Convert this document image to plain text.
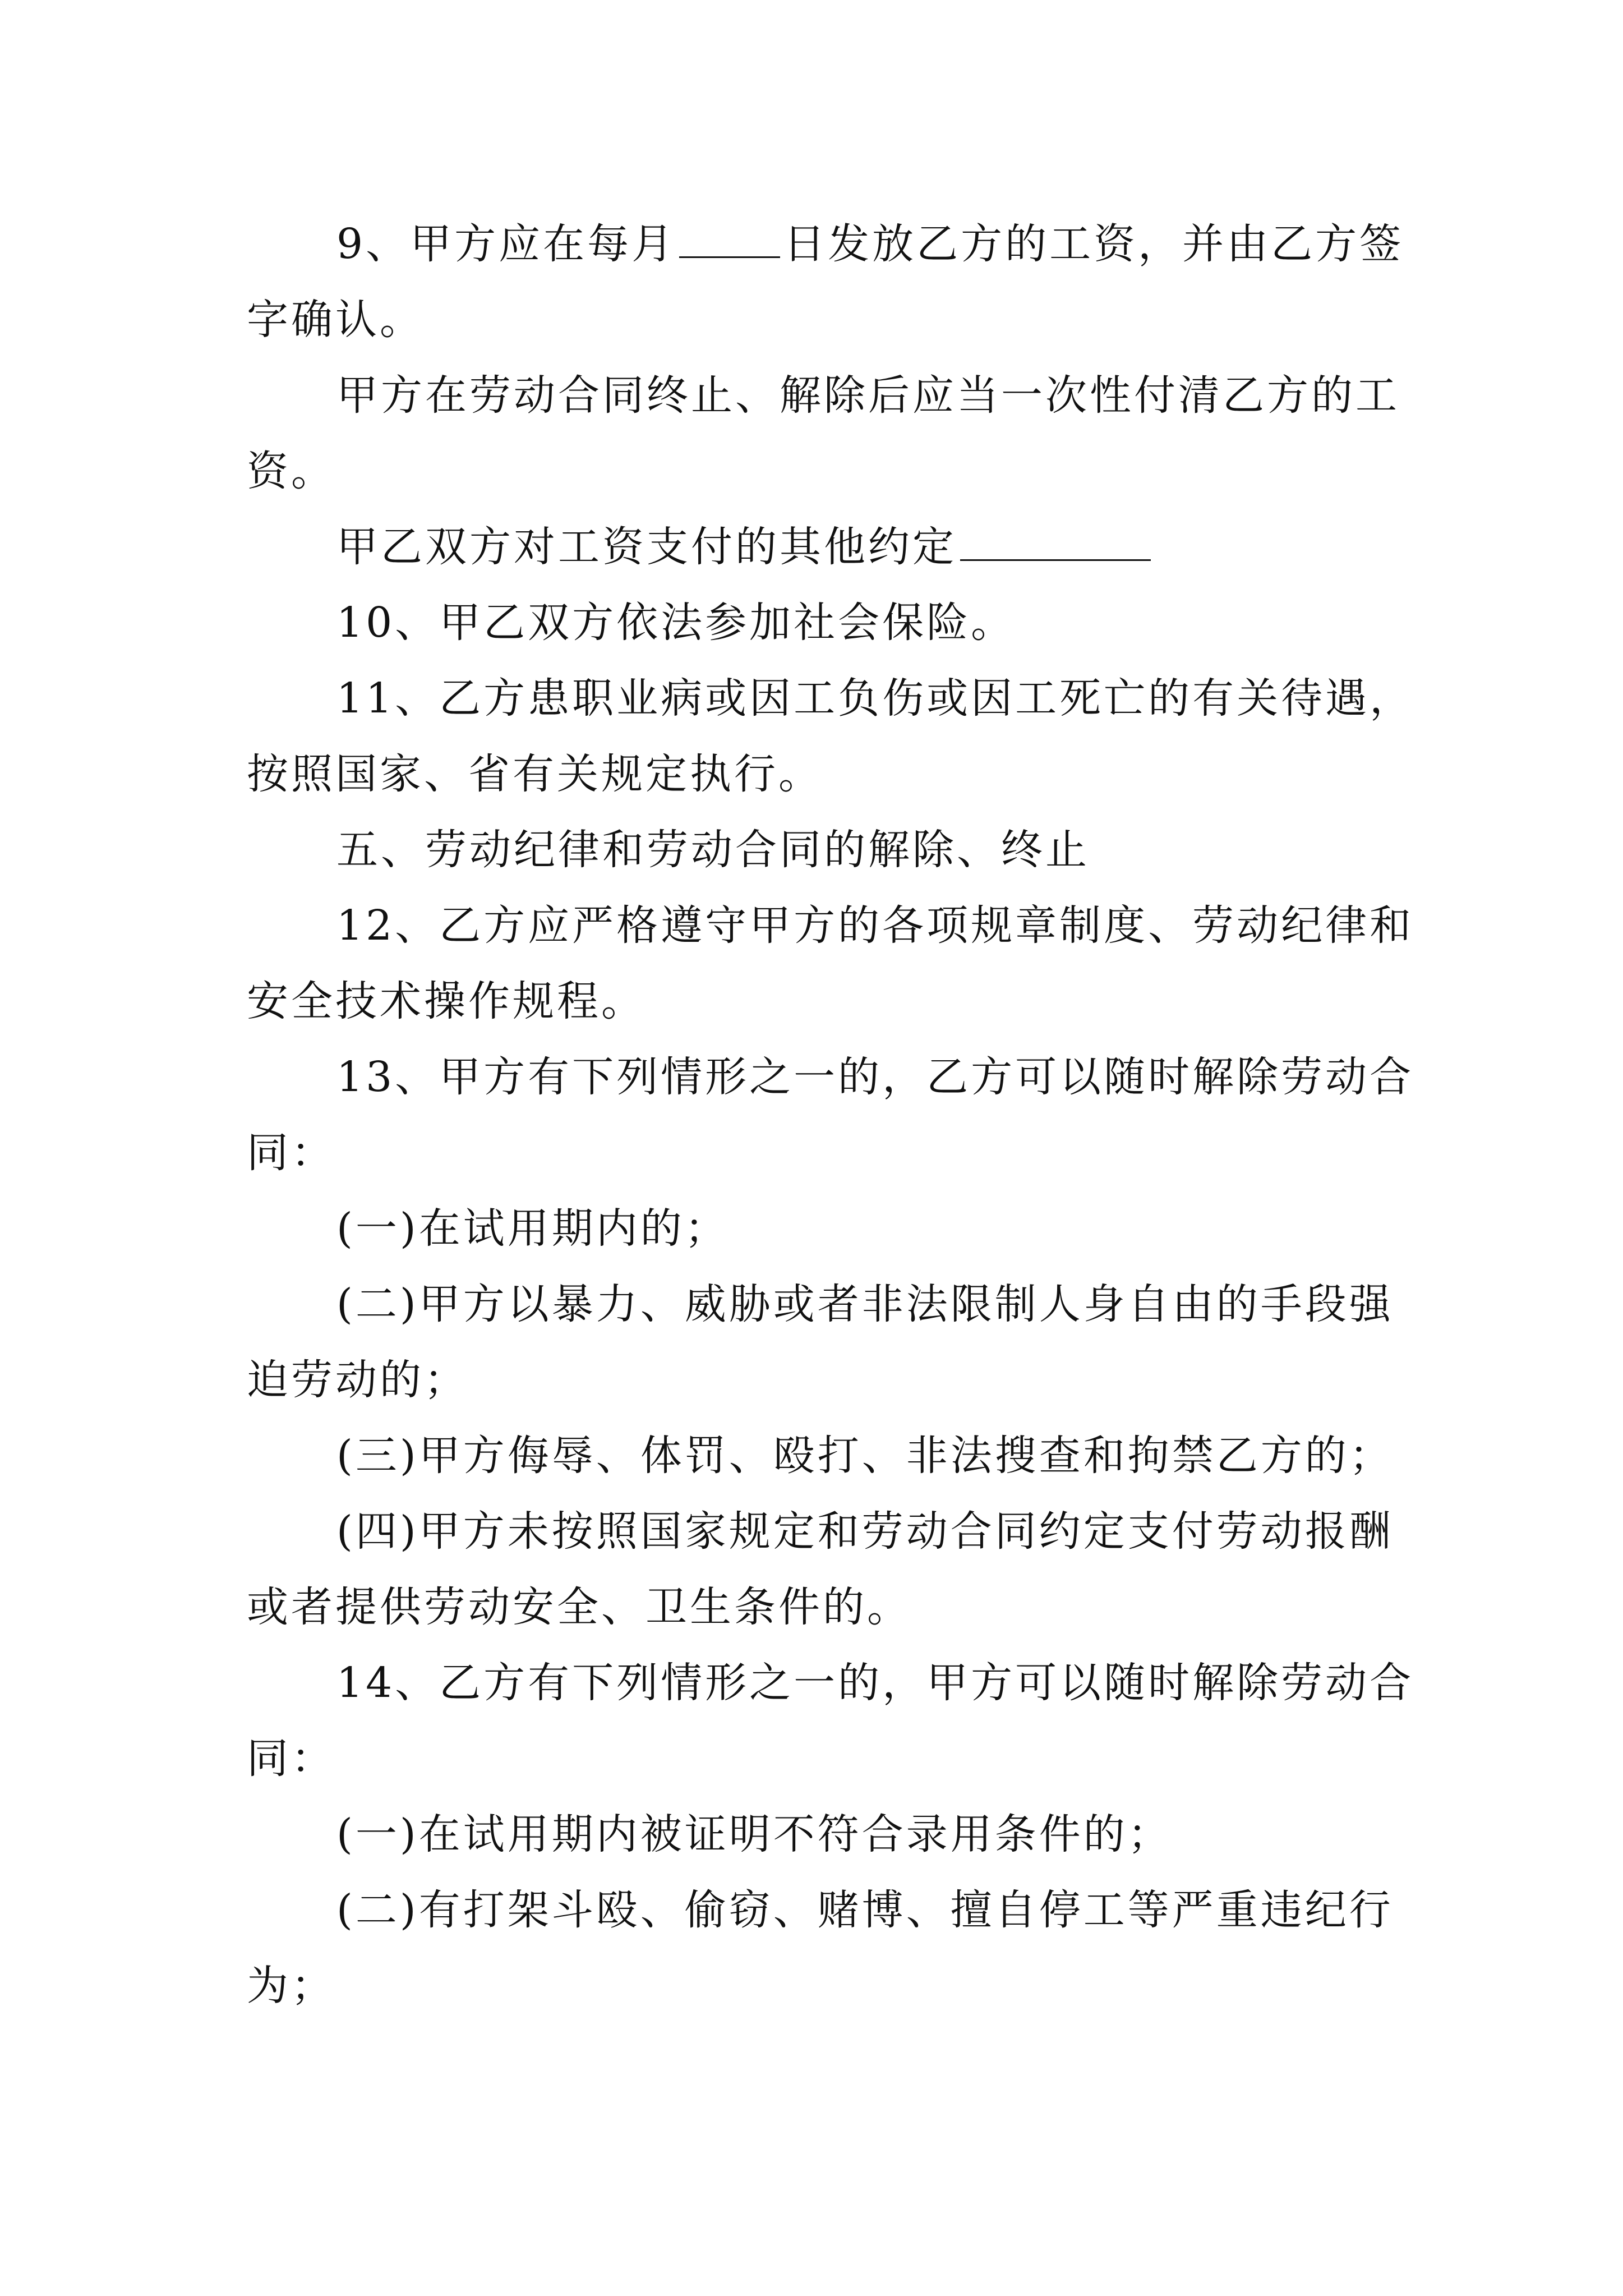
9、甲方应在每月	日发放乙方的工资，并由乙方签
字确认。
甲方在劳动合同终止、解除后应当一次性付清乙方的工
资。
甲乙双方对工资支付的其他约定
10、甲乙双方依法参加社会保险。
11、乙方患职业病或因工负伤或因工死亡的有关待遇，
按照国家、省有关规定执行。
五、劳动纪律和劳动合同的解除、终止
12、乙方应严格遵守甲方的各项规章制度、劳动纪律和
安全技术操作规程。
13、甲方有下列情形之一的，乙方可以随时解除劳动合
同：
(一)在试用期内的；
(二)甲方以暴力、威胁或者非法限制人身自由的手段强
迫劳动的；
(三)甲方侮辱、体罚、殴打、非法搜查和拘禁乙方的；
(四)甲方未按照国家规定和劳动合同约定支付劳动报酬
或者提供劳动安全、卫生条件的。
14、乙方有下列情形之一的，甲方可以随时解除劳动合
同：
(一)在试用期内被证明不符合录用条件的；
(二)有打架斗殴、偷窃、赌博、擅自停工等严重违纪行
为；
